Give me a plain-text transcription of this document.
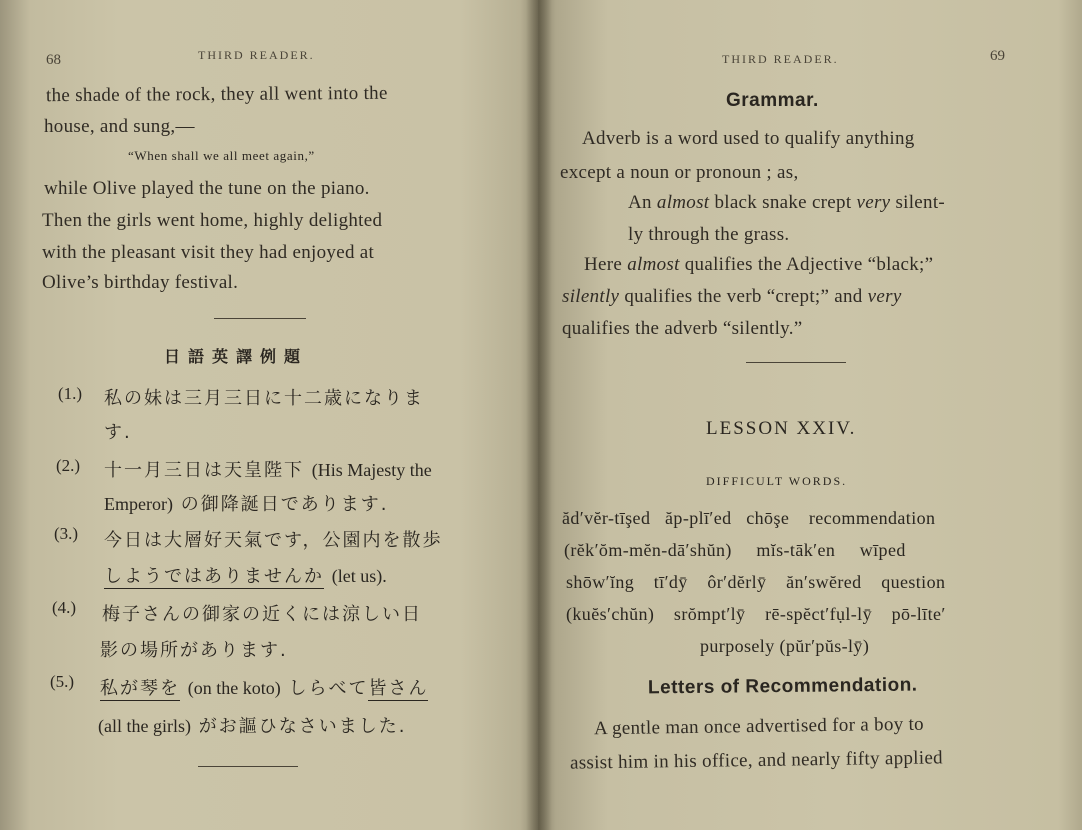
68	THIRD READER.
the shade of the rock, they all went into the
house, and sung,—
“When shall we all meet again,”
while Olive played the tune on the piano.
Then the girls went home, highly delighted
with the pleasant visit they had enjoyed at
Olive’s birthday festival.
日語英譯例題
(1.) 私の妹は三月三日に十二歳になりま
す.
(2.) 十一月三日は天皇陛下 (His Majesty the
Emperor) の御降誕日であります.
(3.) 今日は大層好天氣です，公園内を散歩
しようではありませんか (let us).
(4.) 梅子さんの御家の近くには涼しい日
影の場所があります.
(5.) 私が琴を (on the koto) しらべて皆さん
(all the girls) がお謳ひなさいました.
THIRD READER.	69
Grammar.
Adverb is a word used to qualify anything
except a noun or pronoun ; as,
An almost black snake crept very silent-
ly through the grass.
Here almost qualifies the Adjective “black;”
silently qualifies the verb “crept;” and very
qualifies the adverb “silently.”
LESSON XXIV.
DIFFICULT WORDS.
ăd′vĕr-tīşed ăp-plī′ed chōşe recommendation
(rĕk′ŏm-mĕn-dā′shŭn) mĭs-tāk′en wīped
shōw′ĭng tī′dȳ ôr′dĕrlȳ ăn′swĕred question
(kuĕs′chŭn) srŏmpt′lȳ rē-spĕct′fụl-lȳ pō-līte′
purposely (pŭr′pŭs-lȳ)
Letters of Recommendation.
A gentle man once advertised for a boy to
assist him in his office, and nearly fifty applied
